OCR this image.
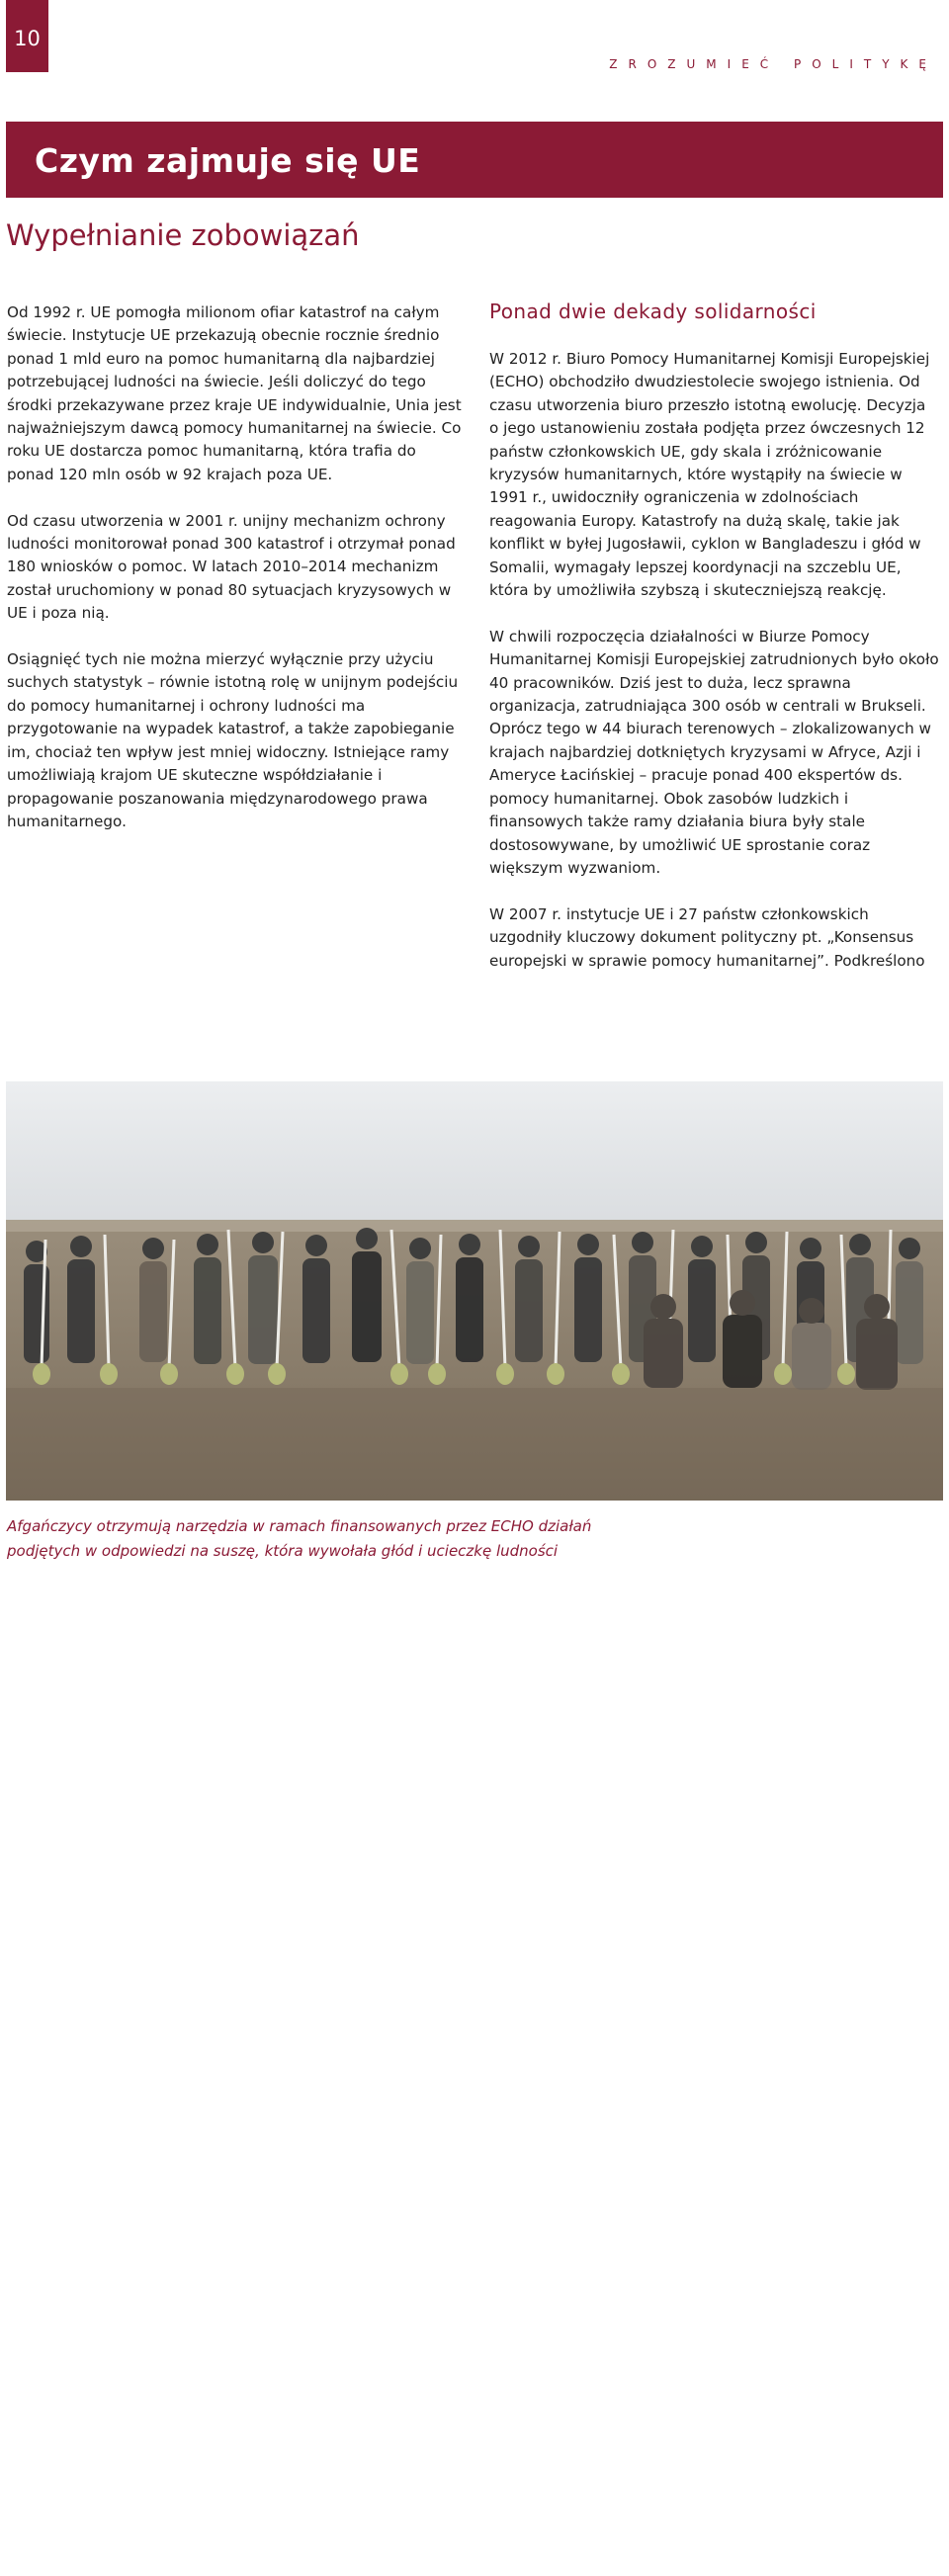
10
ZROZUMIEĆ POLITYKĘ
Czym zajmuje się UE
Wypełnianie zobowiązań

Od 1992 r. UE pomogła milionom ofiar katastrof na całym świecie. Instytucje UE przekazują obecnie rocznie średnio ponad 1 mld euro na pomoc humanitarną dla najbardziej potrzebującej ludności na świecie. Jeśli doliczyć do tego środki przekazywane przez kraje UE indywidualnie, Unia jest najważniejszym dawcą pomocy humanitarnej na świecie. Co roku UE dostarcza pomoc humanitarną, która trafia do ponad 120 mln osób w 92 krajach poza UE.

Od czasu utworzenia w 2001 r. unijny mechanizm ochrony ludności monitorował ponad 300 katastrof i otrzymał ponad 180 wniosków o pomoc. W latach 2010–2014 mechanizm został uruchomiony w ponad 80 sytuacjach kryzysowych w UE i poza nią.

Osiągnięć tych nie można mierzyć wyłącznie przy użyciu suchych statystyk – równie istotną rolę w unijnym podejściu do pomocy humanitarnej i ochrony ludności ma przygotowanie na wypadek katastrof, a także zapobieganie im, chociaż ten wpływ jest mniej widoczny. Istniejące ramy umożliwiają krajom UE skuteczne współdziałanie i propagowanie poszanowania międzynarodowego prawa humanitarnego.

Ponad dwie dekady solidarności

W 2012 r. Biuro Pomocy Humanitarnej Komisji Europejskiej (ECHO) obchodziło dwudziestolecie swojego istnienia. Od czasu utworzenia biuro przeszło istotną ewolucję. Decyzja o jego ustanowieniu została podjęta przez ówczesnych 12 państw członkowskich UE, gdy skala i zróżnicowanie kryzysów humanitarnych, które wystąpiły na świecie w 1991 r., uwidoczniły ograniczenia w zdolnościach reagowania Europy. Katastrofy na dużą skalę, takie jak konflikt w byłej Jugosławii, cyklon w Bangladeszu i głód w Somalii, wymagały lepszej koordynacji na szczeblu UE, która by umożliwiła szybszą i skuteczniejszą reakcję.

W chwili rozpoczęcia działalności w Biurze Pomocy Humanitarnej Komisji Europejskiej zatrudnionych było około 40 pracowników. Dziś jest to duża, lecz sprawna organizacja, zatrudniająca 300 osób w centrali w Brukseli. Oprócz tego w 44 biurach terenowych – zlokalizowanych w krajach najbardziej dotkniętych kryzysami w Afryce, Azji i Ameryce Łacińskiej – pracuje ponad 400 ekspertów ds. pomocy humanitarnej. Obok zasobów ludzkich i finansowych także ramy działania biura były stale dostosowywane, by umożliwić UE sprostanie coraz większym wyzwaniom.

W 2007 r. instytucje UE i 27 państw członkowskich uzgodniły kluczowy dokument polityczny pt. „Konsensus europejski w sprawie pomocy humanitarnej”. Podkreślono

© European Union
Afgańczycy otrzymują narzędzia w ramach finansowanych przez ECHO działań
podjętych w odpowiedzi na suszę, która wywołała głód i ucieczkę ludności
